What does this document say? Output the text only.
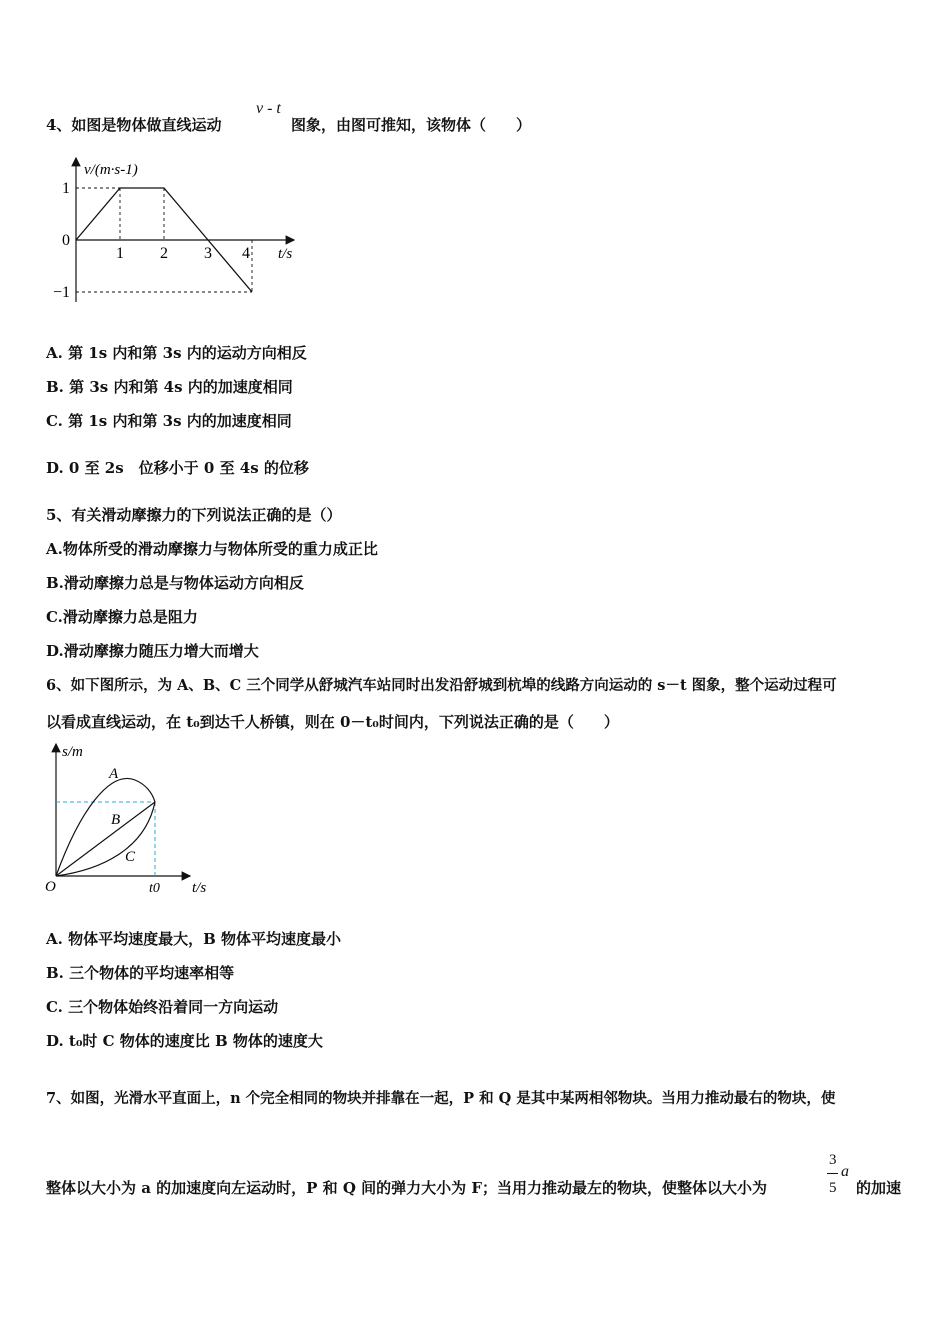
4、如图是物体做直线运动
v - t
图象，由图可推知，该物体（　　）
v/(m·s-1)
t/s
1
0
−1
1 2 3 4
A. 第 1s 内和第 3s 内的运动方向相反
B. 第 3s 内和第 4s 内的加速度相同
C. 第 1s 内和第 3s 内的加速度相同
D. 0 至 2s　位移小于 0 至 4s 的位移
5、有关滑动摩擦力的下列说法正确的是（）
A.物体所受的滑动摩擦力与物体所受的重力成正比
B.滑动摩擦力总是与物体运动方向相反
C.滑动摩擦力总是阻力
D.滑动摩擦力随压力增大而增大
6、如下图所示，为 A、B、C 三个同学从舒城汽车站同时出发沿舒城到杭埠的线路方向运动的 s－t 图象，整个运动过程可
以看成直线运动，在 t₀到达千人桥镇，则在 0－t₀时间内，下列说法正确的是（　　）
s/m
t/s
O	t0
A
B
C
A. 物体平均速度最大，B 物体平均速度最小
B. 三个物体的平均速率相等
C. 三个物体始终沿着同一方向运动
D. t₀时 C 物体的速度比 B 物体的速度大
7、如图，光滑水平直面上，n 个完全相同的物块并排靠在一起，P 和 Q 是其中某两相邻物块。当用力推动最右的物块，使
整体以大小为 a 的加速度向左运动时，P 和 Q 间的弹力大小为 F；当用力推动最左的物块，使整体以大小为
3
5
a
的加速
